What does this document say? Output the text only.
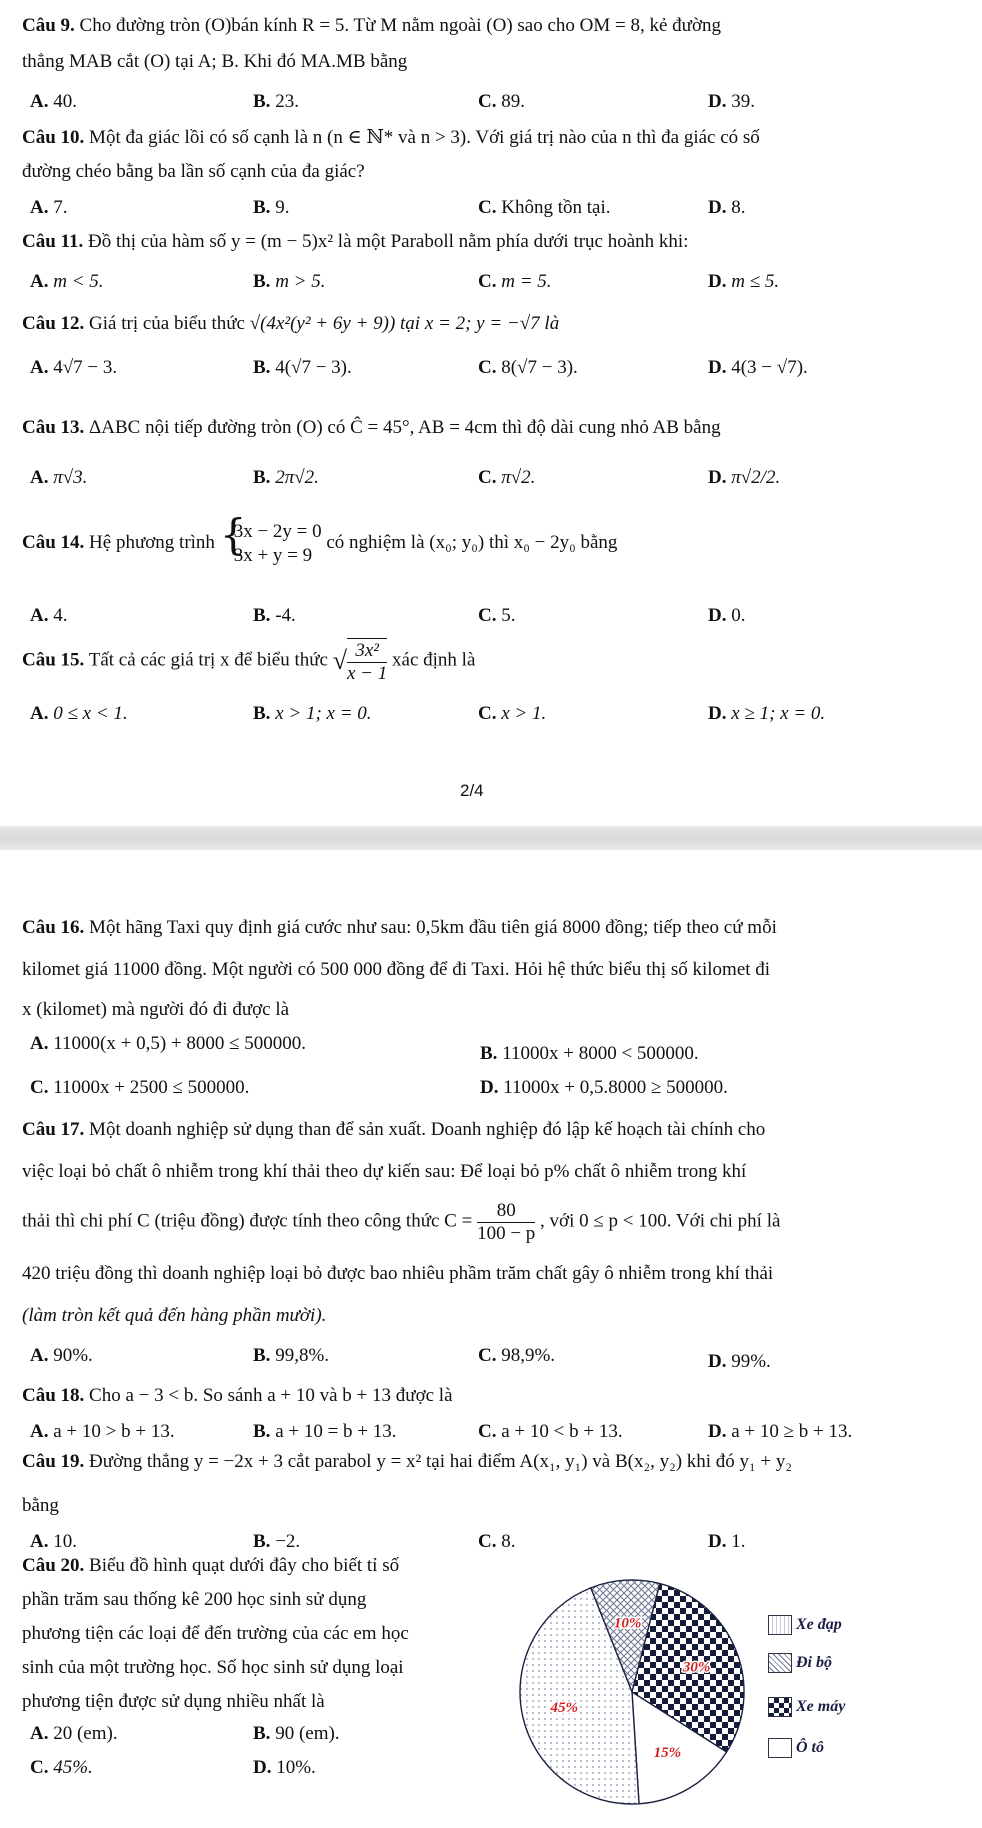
Câu 9. Cho đường tròn (O)bán kính R = 5. Từ M nằm ngoài (O) sao cho OM = 8, kẻ đường
thẳng MAB cắt (O) tại A; B. Khi đó MA.MB bằng
A. 40.	B. 23.	C. 89.	D. 39.
Câu 10. Một đa giác lồi có số cạnh là n (n ∈ ℕ* và n > 3). Với giá trị nào của n thì đa giác có số
đường chéo bằng ba lần số cạnh của đa giác?
A. 7.	B. 9.	C. Không tồn tại.	D. 8.
Câu 11. Đồ thị của hàm số y = (m − 5)x² là một Paraboll nằm phía dưới trục hoành khi:
A. m < 5.	B. m > 5.	C. m = 5.	D. m ≤ 5.
Câu 12. Giá trị của biểu thức √(4x²(y² + 6y + 9)) tại x = 2; y = −√7 là
A. 4√7 − 3.	B. 4(√7 − 3).	C. 8(√7 − 3).	D. 4(3 − √7).
Câu 13. ΔABC nội tiếp đường tròn (O) có Ĉ = 45°, AB = 4cm thì độ dài cung nhỏ AB bằng
A. π√3.	B. 2π√2.	C. π√2.	D. π√2/2.
Câu 14. Hệ phương trình
{ 3x − 2y = 0
3x + y = 9
có nghiệm là (x₀; y₀) thì x₀ − 2y₀ bằng
A. 4.	B. -4.	C. 5.	D. 0.
Câu 15. Tất cả các giá trị x để biểu thức √ $\frac{\text{3x²}}{x - 1}$ xác định là
A. 0 ≤ x < 1.	B. x > 1; x = 0.	C. x > 1.	D. x ≥ 1; x = 0.
2/4
Câu 16. Một hãng Taxi quy định giá cước như sau: 0,5km đầu tiên giá 8000 đồng; tiếp theo cứ mỗi
kilomet giá 11000 đồng. Một người có 500 000 đồng để đi Taxi. Hỏi hệ thức biểu thị số kilomet đi
x (kilomet) mà người đó đi được là
A. 11000(x + 0,5) + 8000 ≤ 500000.	B. 11000x + 8000 < 500000.
C. 11000x + 2500 ≤ 500000.	D. 11000x + 0,5.8000 ≥ 500000.
Câu 17. Một doanh nghiệp sử dụng than để sản xuất. Doanh nghiệp đó lập kế hoạch tài chính cho
việc loại bỏ chất ô nhiễm trong khí thải theo dự kiến sau: Để loại bỏ p% chất ô nhiễm trong khí
thải thì chi phí C (triệu đồng) được tính theo công thức $C = \frac{80}{100 - p}$ , với 0 ≤ p < 100. Với chi phí là
420 triệu đồng thì doanh nghiệp loại bỏ được bao nhiêu phầm trăm chất gây ô nhiễm trong khí thải
(làm tròn kết quả đến hàng phần mười).
A. 90%.	B. 99,8%.	C. 98,9%.	D. 99%.
Câu 18. Cho a − 3 < b. So sánh a + 10 và b + 13 được là
A. a + 10 > b + 13.	B. a + 10 = b + 13.	C. a + 10 < b + 13.	D. a + 10 ≥ b + 13.
Câu 19. Đường thẳng y = −2x + 3 cắt parabol y = x² tại hai điểm A(x₁, y₁) và B(x₂, y₂) khi đó y₁ + y₂
bằng
A. 10.	B. −2.	C. 8.	D. 1.
Câu 20. Biểu đồ hình quạt dưới đây cho biết tỉ số
phần trăm sau thống kê 200 học sinh sử dụng
phương tiện các loại để đến trường của các em học
sinh của một trường học. Số học sinh sử dụng loại
phương tiện được sử dụng nhiều nhất là
A. 20 (em).	B. 90 (em).
C. 45%.	D. 10%.
10%
30%
15%
45%
Xe đạp
Đi bộ
Xe máy
Ô tô
